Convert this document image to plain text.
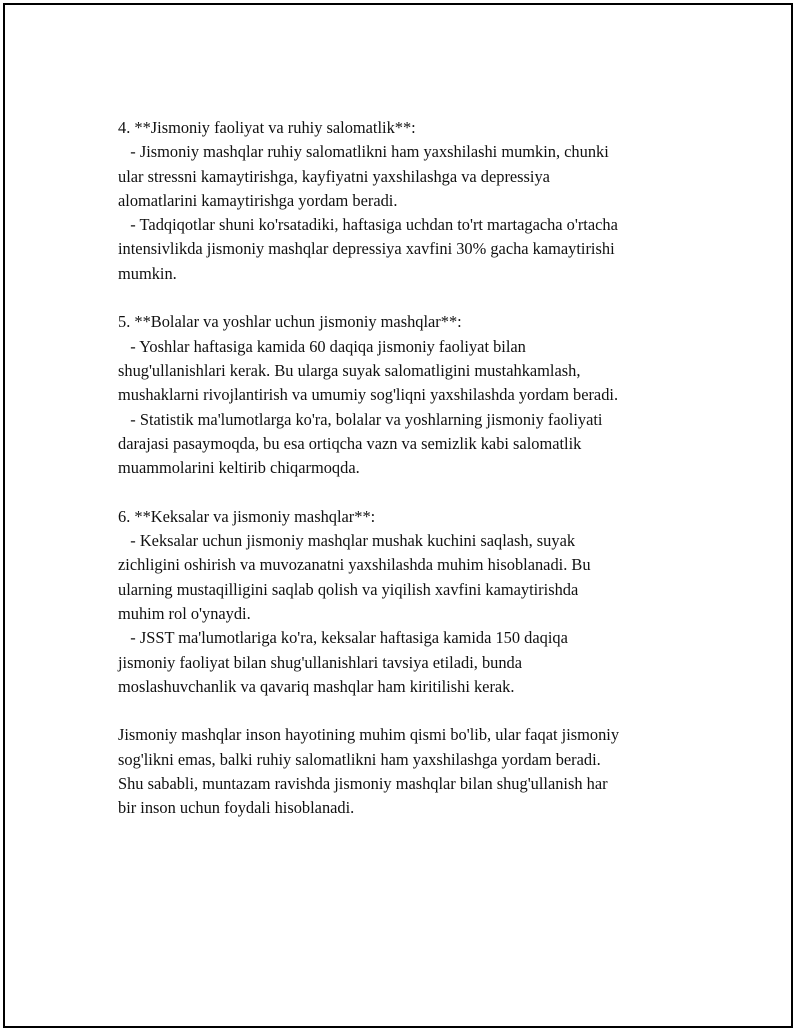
4. **Jismoniy faoliyat va ruhiy salomatlik**:
- Jismoniy mashqlar ruhiy salomatlikni ham yaxshilashi mumkin, chunki
ular stressni kamaytirishga, kayfiyatni yaxshilashga va depressiya
alomatlarini kamaytirishga yordam beradi.
- Tadqiqotlar shuni ko'rsatadiki, haftasiga uchdan to'rt martagacha o'rtacha
intensivlikda jismoniy mashqlar depressiya xavfini 30% gacha kamaytirishi
mumkin.
5. **Bolalar va yoshlar uchun jismoniy mashqlar**:
- Yoshlar haftasiga kamida 60 daqiqa jismoniy faoliyat bilan
shug'ullanishlari kerak. Bu ularga suyak salomatligini mustahkamlash,
mushaklarni rivojlantirish va umumiy sog'liqni yaxshilashda yordam beradi.
- Statistik ma'lumotlarga ko'ra, bolalar va yoshlarning jismoniy faoliyati
darajasi pasaymoqda, bu esa ortiqcha vazn va semizlik kabi salomatlik
muammolarini keltirib chiqarmoqda.
6. **Keksalar va jismoniy mashqlar**:
- Keksalar uchun jismoniy mashqlar mushak kuchini saqlash, suyak
zichligini oshirish va muvozanatni yaxshilashda muhim hisoblanadi. Bu
ularning mustaqilligini saqlab qolish va yiqilish xavfini kamaytirishda
muhim rol o'ynaydi.
- JSST ma'lumotlariga ko'ra, keksalar haftasiga kamida 150 daqiqa
jismoniy faoliyat bilan shug'ullanishlari tavsiya etiladi, bunda
moslashuvchanlik va qavariq mashqlar ham kiritilishi kerak.
Jismoniy mashqlar inson hayotining muhim qismi bo'lib, ular faqat jismoniy
sog'likni emas, balki ruhiy salomatlikni ham yaxshilashga yordam beradi.
Shu sababli, muntazam ravishda jismoniy mashqlar bilan shug'ullanish har
bir inson uchun foydali hisoblanadi.
